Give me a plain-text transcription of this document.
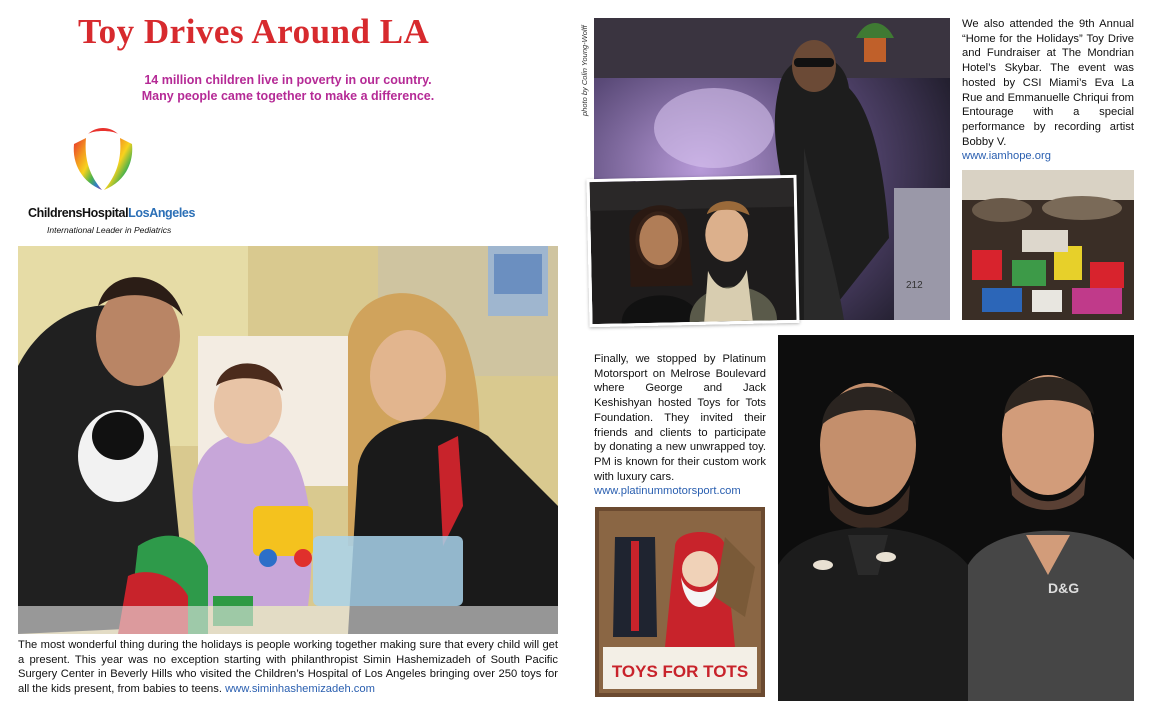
Toy Drives Around LA
14 million children live in poverty in our country.
Many people came together to make a difference.
ChildrensHospitalLosAngeles
International Leader in Pediatrics
The most wonderful thing during the holidays is people working together making sure that every child will get a present. This year was no exception starting with philanthropist Simin Hashemizadeh of South Pacific Surgery Center in Beverly Hills who visited the Children’s Hospital of Los Angeles bringing over 250 toys for all the kids present, from babies to teens. www.siminhashemizadeh.com
photo by Colin Young-Wolff
212
We also attended the 9th Annual “Home for the Holidays” Toy Drive and Fundraiser at The Mondrian Hotel’s Skybar. The event was hosted by CSI Miami’s Eva La Rue and Emmanuelle Chriqui from Entourage with a special performance by recording artist Bobby V.
www.iamhope.org
Finally, we stopped by Platinum Motorsport on Melrose Boulevard where George and Jack Keshishyan hosted Toys for Tots Foundation. They invited their friends and clients to participate by donating a new unwrapped toy. PM is known for their custom work with luxury cars.
www.platinummotorsport.com
TOYS FOR TOTS
D&G
